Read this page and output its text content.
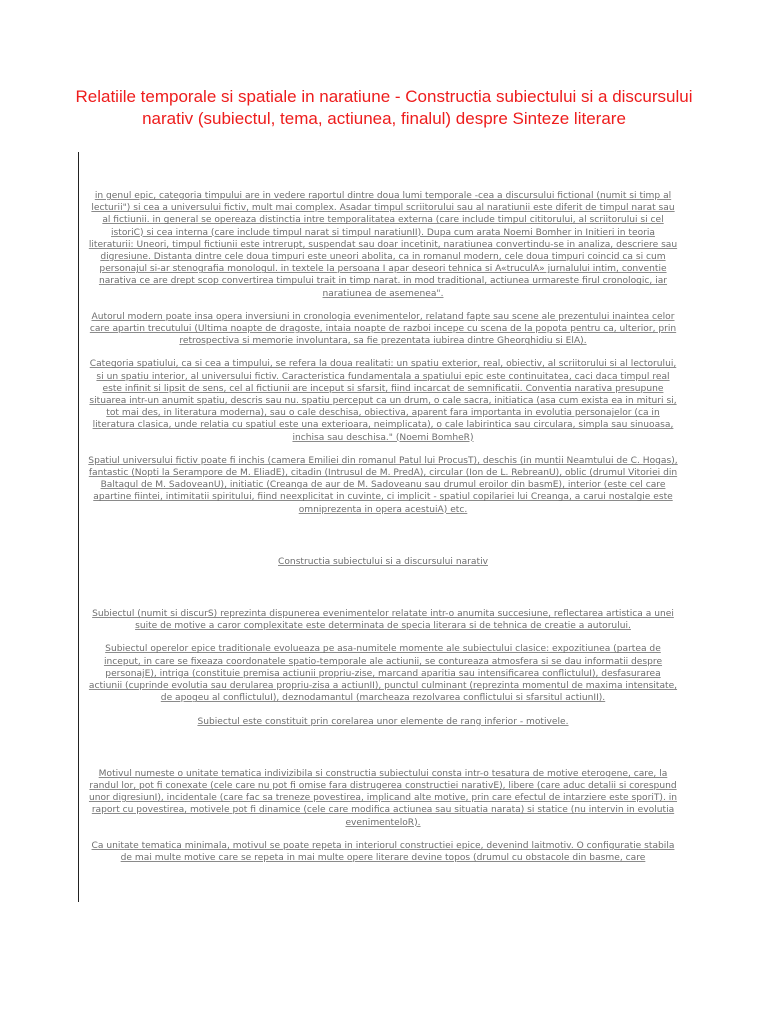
Relatiile temporale si spatiale in naratiune - Constructia subiectului si a discursului narativ (subiectul, tema, actiunea, finalul) despre Sinteze literare

in genul epic, categoria timpului are in vedere raportul dintre doua lumi temporale -cea a discursului fictional (numit si timp al lecturii") si cea a universului fictiv, mult mai complex. Asadar timpul scriitorului sau al naratiunii este diferit de timpul narat sau al fictiunii. in general se opereaza distinctia intre temporalitatea externa (care include timpul cititorului, al scriitorului si cel istoriC) si cea interna (care include timpul narat si timpul naratiunII). Dupa cum arata Noemi Bomher in Initieri in teoria literaturii: Uneori, timpul fictiunii este intrerupt, suspendat sau doar incetinit, naratiunea convertindu-se in analiza, descriere sau digresiune. Distanta dintre cele doua timpuri este uneori abolita, ca in romanul modern, cele doua timpuri coincid ca si cum personajul si-ar stenografia monologul. in textele la persoana I apar deseori tehnica si A«truculA» jurnalului intim, conventie narativa ce are drept scop convertirea timpului trait in timp narat. in mod traditional, actiunea urmareste firul cronologic, iar naratiunea de asemenea".

Autorul modern poate insa opera inversiuni in cronologia evenimentelor, relatand fapte sau scene ale prezentului inaintea celor care apartin trecutului (Ultima noapte de dragoste, intaia noapte de razboi incepe cu scena de la popota pentru ca, ulterior, prin retrospectiva si memorie involuntara, sa fie prezentata iubirea dintre Gheorghidiu si ElA).

Categoria spatiului, ca si cea a timpului, se refera la doua realitati: un spatiu exterior, real, obiectiv, al scriitorului si al lectorului, si un spatiu interior, al universului fictiv. Caracteristica fundamentala a spatiului epic este continuitatea, caci daca timpul real este infinit si lipsit de sens, cel al fictiunii are inceput si sfarsit, fiind incarcat de semnificatii. Conventia narativa presupune situarea intr-un anumit spatiu, descris sau nu. spatiu perceput ca un drum, o cale sacra, initiatica (asa cum exista ea in mituri si, tot mai des, in literatura moderna), sau o cale deschisa, obiectiva, aparent fara importanta in evolutia personajelor (ca in literatura clasica, unde relatia cu spatiul este una exterioara, neimplicata), o cale labirintica sau circulara, simpla sau sinuoasa, inchisa sau deschisa." (Noemi BomheR)

Spatiul universului fictiv poate fi inchis (camera Emiliei din romanul Patul lui ProcusT), deschis (in muntii Neamtului de C. Hogas), fantastic (Nopti la Serampore de M. EliadE), citadin (Intrusul de M. PredA), circular (Ion de L. RebreanU), oblic (drumul Vitoriei din Baltagul de M. SadoveanU), initiatic (Creanga de aur de M. Sadoveanu sau drumul eroilor din basmE), interior (este cel care apartine fiintei, intimitatii spiritului, fiind neexplicitat in cuvinte, ci implicit - spatiul copilariei lui Creanga, a carui nostalgie este omniprezenta in opera acestuiA) etc.

Constructia subiectului si a discursului narativ

Subiectul (numit si discurS) reprezinta dispunerea evenimentelor relatate intr-o anumita succesiune, reflectarea artistica a unei suite de motive a caror complexitate este determinata de specia literara si de tehnica de creatie a autorului.

Subiectul operelor epice traditionale evolueaza pe asa-numitele momente ale subiectului clasice: expozitiunea (partea de inceput, in care se fixeaza coordonatele spatio-temporale ale actiunii, se contureaza atmosfera si se dau informatii despre personajE), intriga (constituie premisa actiunii propriu-zise, marcand aparitia sau intensificarea conflictuluI), desfasurarea actiunii (cuprinde evolutia sau derularea propriu-zisa a actiunII), punctul culminant (reprezinta momentul de maxima intensitate, de apogeu al conflictuluI), deznodamantul (marcheaza rezolvarea conflictului si sfarsitul actiunII).

Subiectul este constituit prin corelarea unor elemente de rang inferior - motivele.

Motivul numeste o unitate tematica indivizibila si constructia subiectului consta intr-o tesatura de motive eterogene, care, la randul lor, pot fi conexate (cele care nu pot fi omise fara distrugerea constructiei narativE), libere (care aduc detalii si corespund unor digresiunI), incidentale (care fac sa treneze povestirea, implicand alte motive, prin care efectul de intarziere este sporiT). in raport cu povestirea, motivele pot fi dinamice (cele care modifica actiunea sau situatia narata) si statice (nu intervin in evolutia evenimenteloR).

Ca unitate tematica minimala, motivul se poate repeta in interiorul constructiei epice, devenind laitmotiv. O configuratie stabila de mai multe motive care se repeta in mai multe opere literare devine topos (drumul cu obstacole din basme, care
